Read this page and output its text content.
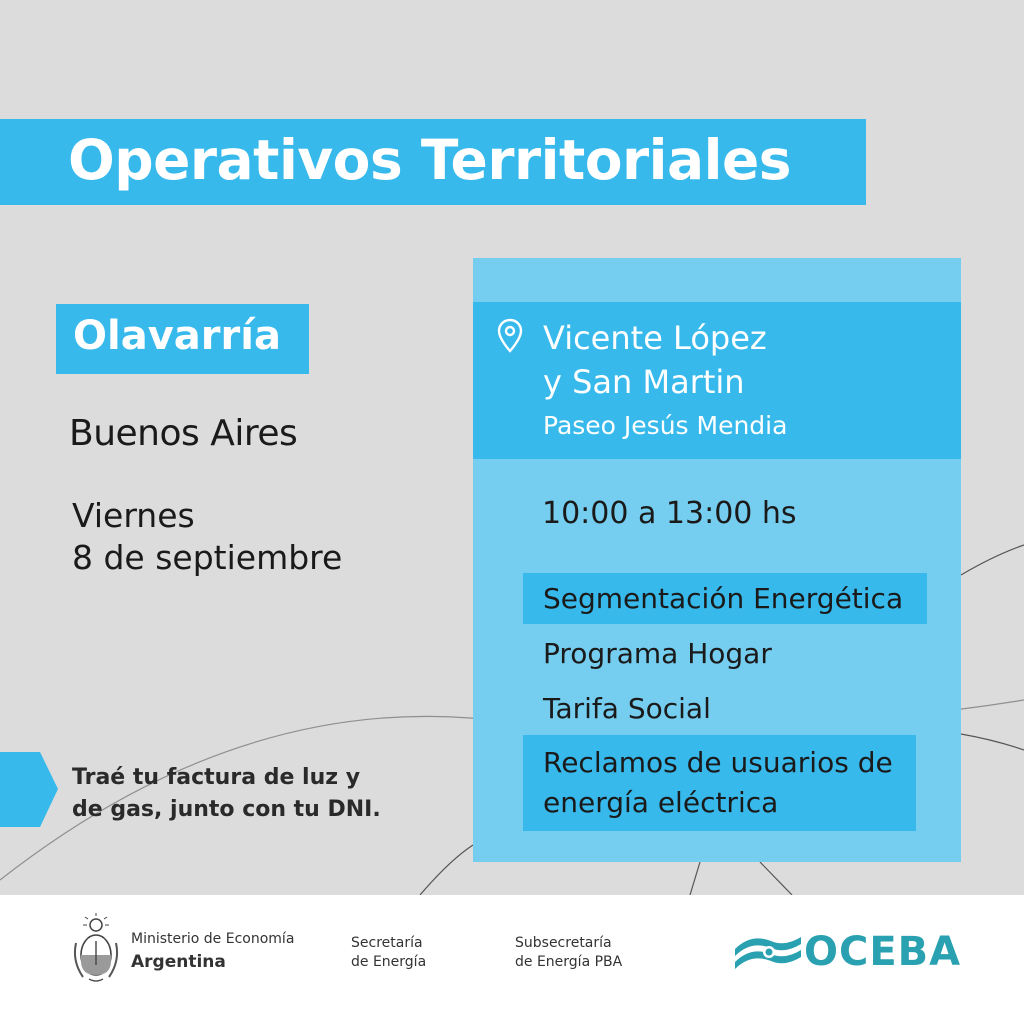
Operativos Territoriales
Olavarría
Buenos Aires
Viernes
8 de septiembre
Traé tu factura de luz y
de gas, junto con tu DNI.
Vicente López
y San Martin
Paseo Jesús Mendia
10:00 a 13:00 hs
Segmentación Energética
Programa Hogar
Tarifa Social
Reclamos de usuarios de
energía eléctrica
Ministerio de Economía
Argentina
Secretaría
de Energía
Subsecretaría
de Energía PBA	OCEBA
